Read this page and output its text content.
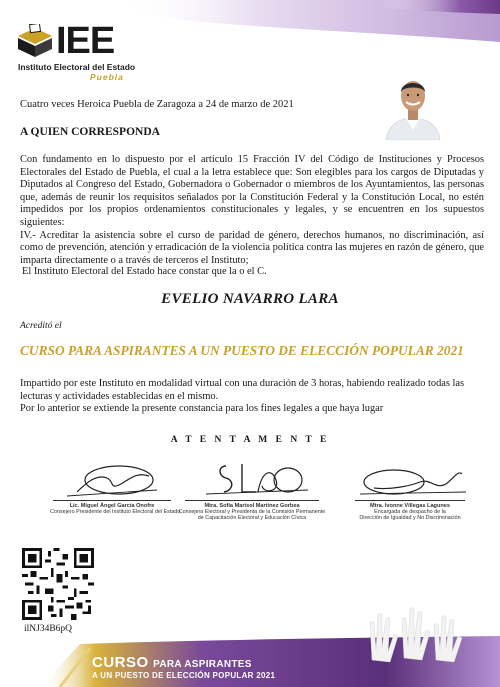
IEE
Instituto Electoral del Estado
Puebla
Cuatro veces Heroica Puebla de Zaragoza a 24 de marzo de 2021
A QUIEN CORRESPONDA

Con fundamento en lo dispuesto por el artículo 15 Fracción IV del Código de Instituciones y Procesos Electorales del Estado de Puebla, el cual a la letra establece que: Son elegibles para los cargos de Diputadas y Diputados al Congreso del Estado, Gobernadora o Gobernador o miembros de los Ayuntamientos, las personas que, además de reunir los requisitos señalados por la Constitución Federal y la Constitución Local, no estén impedidos por los propios ordenamientos constitucionales y legales, y se encuentren en los supuestos siguientes:

IV.- Acreditar la asistencia sobre el curso de paridad de género, derechos humanos, no discriminación, así como de prevención, atención y erradicación de la violencia política contra las mujeres en razón de género, que imparta directamente o a través de terceros el Instituto;

El Instituto Electoral del Estado hace constar que la o el C.
EVELIO NAVARRO LARA
Acreditó el
CURSO PARA ASPIRANTES A UN PUESTO DE ELECCIÓN POPULAR 2021
Impartido por este Instituto en modalidad virtual con una duración de 3 horas, habiendo realizado todas las lecturas y actividades establecidas en el mismo.
Por lo anterior se extiende la presente constancia para los fines legales a que haya lugar
A T E N T A M E N T E
Lic. Miguel Ángel García Onofre
Consejero Presidente del Instituto Electoral del Estado
Mtra. Sofía Marisol Martínez Gorbea
Consejera Electoral y Presidenta de la Comisión Permanente
de Capacitación Electoral y Educación Cívica
Mtra. Ivonne Villegas Lagunes
Encargada de despacho de la
Dirección de Igualdad y No Discriminación
CURSO PARA ASPIRANTES
A UN PUESTO DE ELECCIÓN POPULAR 2021
ilNJ34B6pQ
